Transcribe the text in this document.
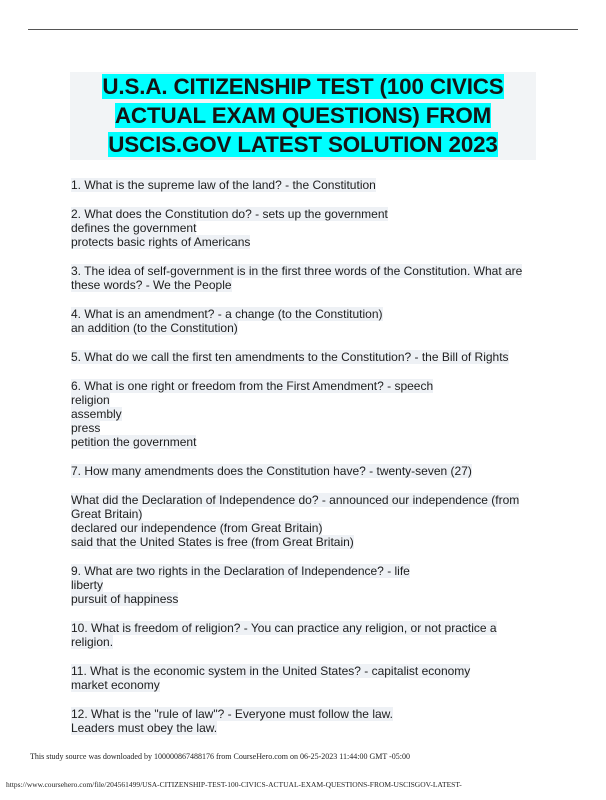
U.S.A. CITIZENSHIP TEST (100 CIVICS ACTUAL EXAM QUESTIONS) FROM USCIS.GOV LATEST SOLUTION 2023
1. What is the supreme law of the land? - the Constitution
2. What does the Constitution do? - sets up the government
defines the government
protects basic rights of Americans
3. The idea of self-government is in the first three words of the Constitution. What are
these words? - We the People
4. What is an amendment? - a change (to the Constitution)
an addition (to the Constitution)
5. What do we call the first ten amendments to the Constitution? - the Bill of Rights
6. What is one right or freedom from the First Amendment? - speech
religion
assembly
press
petition the government
7. How many amendments does the Constitution have? - twenty-seven (27)
What did the Declaration of Independence do? - announced our independence (from
Great Britain)
declared our independence (from Great Britain)
said that the United States is free (from Great Britain)
9. What are two rights in the Declaration of Independence? - life
liberty
pursuit of happiness
10. What is freedom of religion? - You can practice any religion, or not practice a
religion.
11. What is the economic system in the United States? - capitalist economy
market economy
12. What is the "rule of law"? - Everyone must follow the law.
Leaders must obey the law.
This study source was downloaded by 100000867488176 from CourseHero.com on 06-25-2023 11:44:00 GMT -05:00
https://www.coursehero.com/file/204561499/USA-CITIZENSHIP-TEST-100-CIVICS-ACTUAL-EXAM-QUESTIONS-FROM-USCISGOV-LATEST-
